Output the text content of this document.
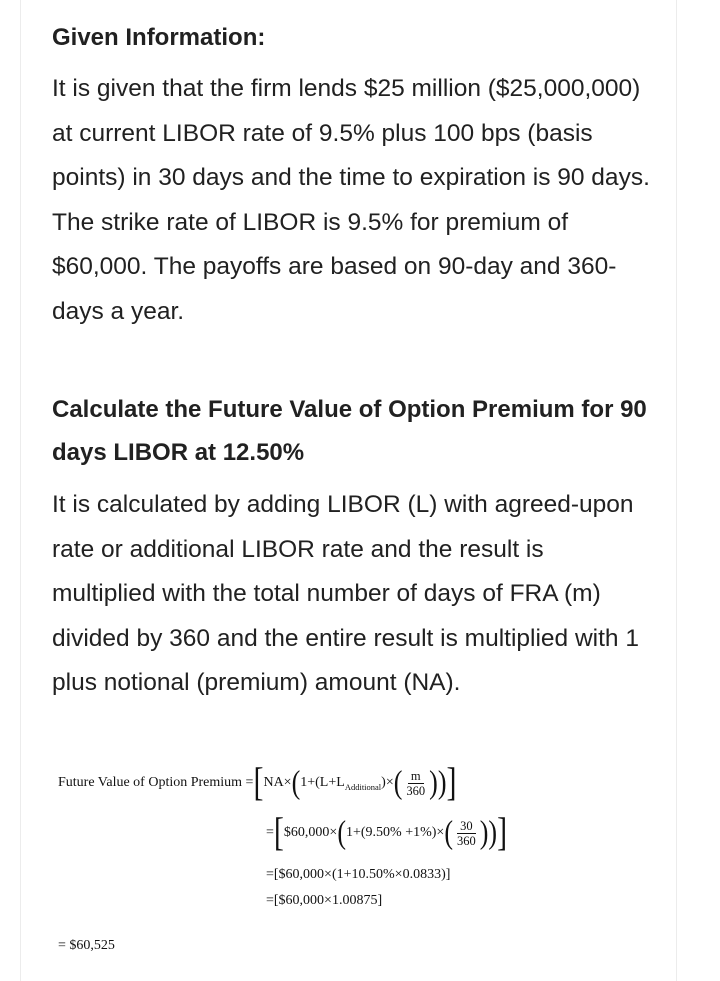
Given Information:

It is given that the firm lends $25 million ($25,000,000) at current LIBOR rate of 9.5% plus 100 bps (basis points) in 30 days and the time to expiration is 90 days. The strike rate of LIBOR is 9.5% for premium of $60,000. The payoffs are based on 90-day and 360-days a year.

Calculate the Future Value of Option Premium for 90 days LIBOR at 12.50%

It is calculated by adding LIBOR (L) with agreed-upon rate or additional LIBOR rate and the result is multiplied with the total number of days of FRA (m) divided by 360 and the entire result is multiplied with 1 plus notional (premium) amount (NA).

Future Value of Option Premium = [ NA× ( 1+(L+L Additional )× ( $\frac{m}{360}$ ) ) ]
= [ $60,000× ( 1+(9.50% +1%)× ( $\frac{30}{360}$ ) ) ]
=[$60,000×(1+10.50%×0.0833)]
=[$60,000×1.00875]
= $60,525
